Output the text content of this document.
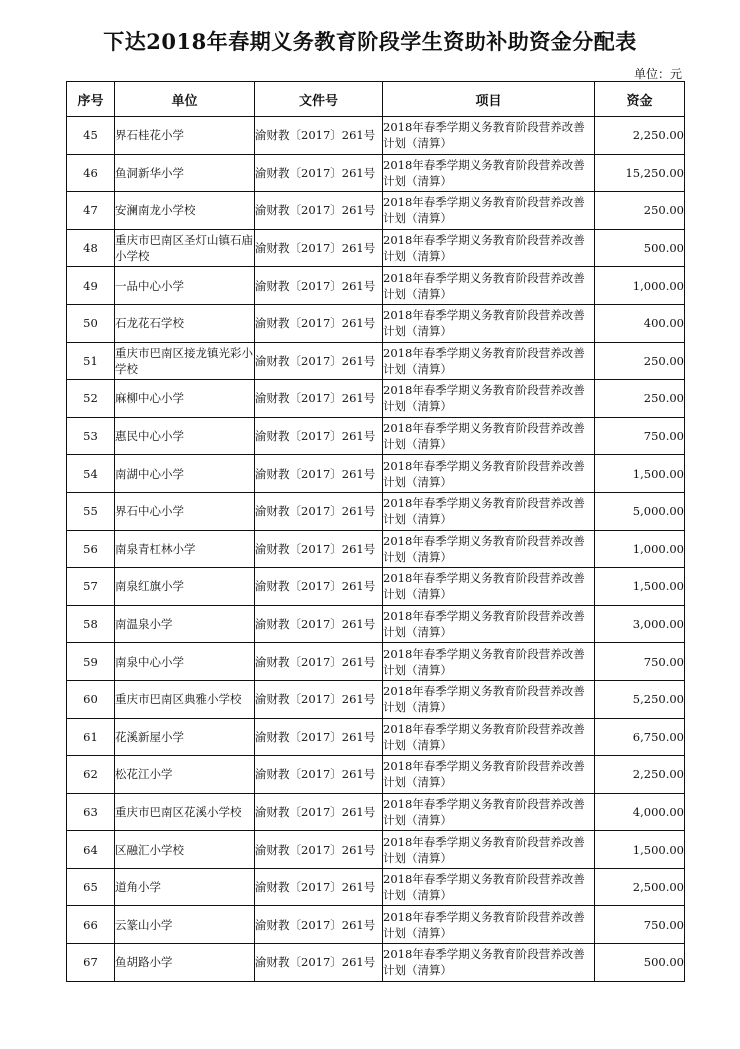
下达2018年春期义务教育阶段学生资助补助资金分配表
单位：元
序号	单位	文件号	项目	资金
45	界石桂花小学	渝财教〔2017〕261号	2018年春季学期义务教育阶段营养改善计划（清算）	2,250.00
46	鱼洞新华小学	渝财教〔2017〕261号	2018年春季学期义务教育阶段营养改善计划（清算）	15,250.00
47	安澜南龙小学校	渝财教〔2017〕261号	2018年春季学期义务教育阶段营养改善计划（清算）	250.00
48	重庆市巴南区圣灯山镇石庙小学校	渝财教〔2017〕261号	2018年春季学期义务教育阶段营养改善计划（清算）	500.00
49	一品中心小学	渝财教〔2017〕261号	2018年春季学期义务教育阶段营养改善计划（清算）	1,000.00
50	石龙花石学校	渝财教〔2017〕261号	2018年春季学期义务教育阶段营养改善计划（清算）	400.00
51	重庆市巴南区接龙镇光彩小学校	渝财教〔2017〕261号	2018年春季学期义务教育阶段营养改善计划（清算）	250.00
52	麻柳中心小学	渝财教〔2017〕261号	2018年春季学期义务教育阶段营养改善计划（清算）	250.00
53	惠民中心小学	渝财教〔2017〕261号	2018年春季学期义务教育阶段营养改善计划（清算）	750.00
54	南湖中心小学	渝财教〔2017〕261号	2018年春季学期义务教育阶段营养改善计划（清算）	1,500.00
55	界石中心小学	渝财教〔2017〕261号	2018年春季学期义务教育阶段营养改善计划（清算）	5,000.00
56	南泉青杠林小学	渝财教〔2017〕261号	2018年春季学期义务教育阶段营养改善计划（清算）	1,000.00
57	南泉红旗小学	渝财教〔2017〕261号	2018年春季学期义务教育阶段营养改善计划（清算）	1,500.00
58	南温泉小学	渝财教〔2017〕261号	2018年春季学期义务教育阶段营养改善计划（清算）	3,000.00
59	南泉中心小学	渝财教〔2017〕261号	2018年春季学期义务教育阶段营养改善计划（清算）	750.00
60	重庆市巴南区典雅小学校	渝财教〔2017〕261号	2018年春季学期义务教育阶段营养改善计划（清算）	5,250.00
61	花溪新屋小学	渝财教〔2017〕261号	2018年春季学期义务教育阶段营养改善计划（清算）	6,750.00
62	松花江小学	渝财教〔2017〕261号	2018年春季学期义务教育阶段营养改善计划（清算）	2,250.00
63	重庆市巴南区花溪小学校	渝财教〔2017〕261号	2018年春季学期义务教育阶段营养改善计划（清算）	4,000.00
64	区融汇小学校	渝财教〔2017〕261号	2018年春季学期义务教育阶段营养改善计划（清算）	1,500.00
65	道角小学	渝财教〔2017〕261号	2018年春季学期义务教育阶段营养改善计划（清算）	2,500.00
66	云篆山小学	渝财教〔2017〕261号	2018年春季学期义务教育阶段营养改善计划（清算）	750.00
67	鱼胡路小学	渝财教〔2017〕261号	2018年春季学期义务教育阶段营养改善计划（清算）	500.00
